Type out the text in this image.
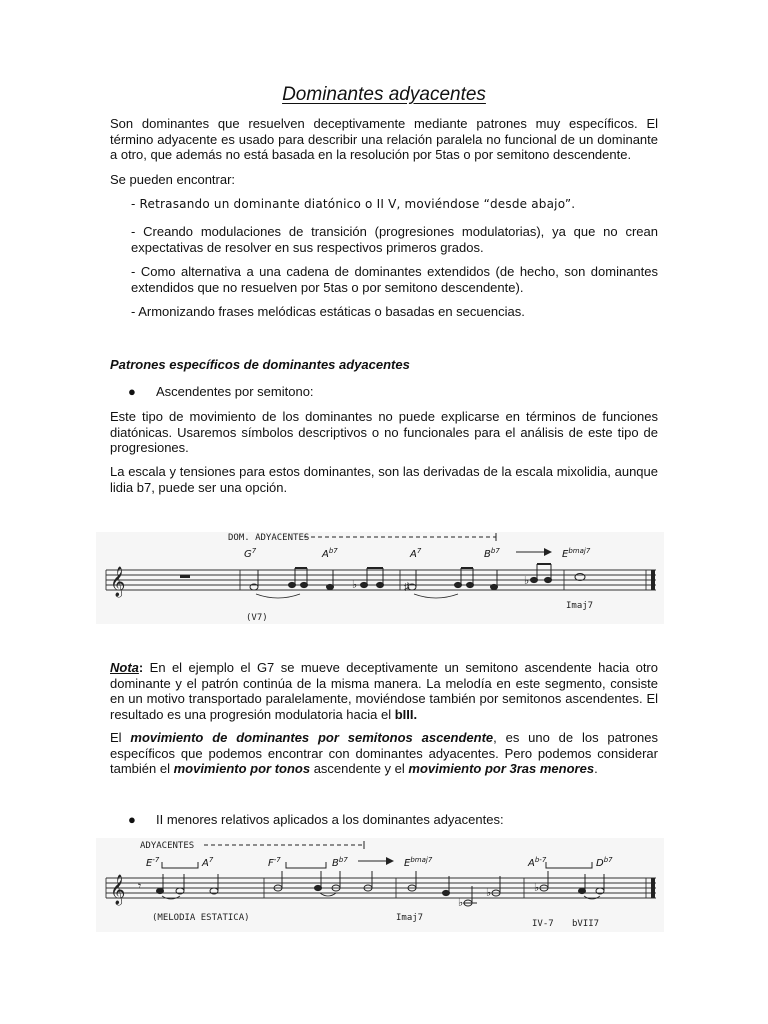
Dominantes adyacentes
Son dominantes que resuelven deceptivamente mediante patrones muy específicos. El término adyacente es usado para describir una relación paralela no funcional de un dominante a otro, que además no está basada en la resolución por 5tas o por semitono descendente.
Se pueden encontrar:
- Retrasando un dominante diatónico o II V, moviéndose “desde abajo”.
- Creando modulaciones de transición (progresiones modulatorias), ya que no crean expectativas de resolver en sus respectivos primeros grados.
- Como alternativa a una cadena de dominantes extendidos (de hecho, son dominantes extendidos que no resuelven por 5tas o por semitono descendente).
- Armonizando frases melódicas estáticas o basadas en secuencias.
Patrones específicos de dominantes adyacentes
● Ascendentes por semitono:
Este tipo de movimiento de los dominantes no puede explicarse en términos de funciones diatónicas. Usaremos símbolos descriptivos o no funcionales para el análisis de este tipo de progresiones.
La escala y tensiones para estos dominantes, son las derivadas de la escala mixolidia, aunque lidia b7, puede ser una opción.
DOM. ADYACENTES
$G^7$	$A^{b7}$	$A^7$	$B^{b7}$	$E^{bmaj7}$
𝄞	♭	♯	♭
(V7)
Imaj7
Nota: En el ejemplo el G7 se mueve deceptivamente un semitono ascendente hacia otro dominante y el patrón continúa de la misma manera. La melodía en este segmento, consiste en un motivo transportado paralelamente, moviéndose también por semitonos ascendentes. El resultado es una progresión modulatoria hacia el bIII.
El movimiento de dominantes por semitonos ascendente, es uno de los patrones específicos que podemos encontrar con dominantes adyacentes. Pero podemos considerar también el movimiento por tonos ascendente y el movimiento por 3ras menores.
● II menores relativos aplicados a los dominantes adyacentes:
ADYACENTES
$E^{-7}$	$A^7$	$F^{-7}$	$B^{b7}$	$E^{bmaj7}$	$A^{b-7}$	$D^{b7}$
𝄞 𝄾
♭
♭	♭
(MELODIA ESTATICA)	Imaj7
IV-7 bVII7
